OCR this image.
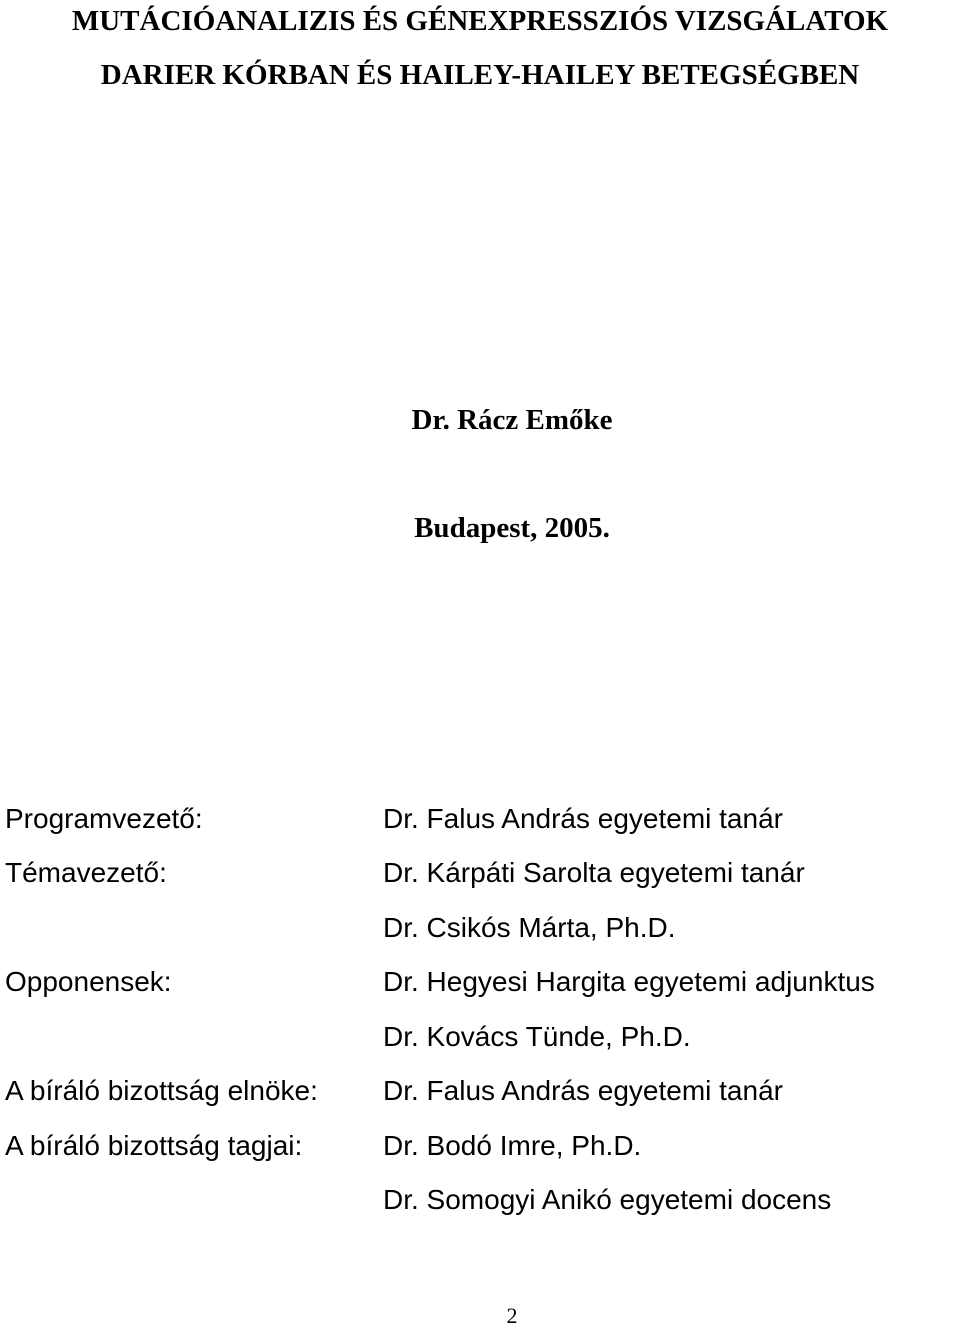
MUTÁCIÓANALIZIS ÉS GÉNEXPRESSZIÓS VIZSGÁLATOK
DARIER KÓRBAN ÉS HAILEY-HAILEY BETEGSÉGBEN
Dr. Rácz Emőke
Budapest, 2005.
Programvezető:	Dr. Falus András egyetemi tanár
Témavezető:	Dr. Kárpáti Sarolta egyetemi tanár
Dr. Csikós Márta, Ph.D.
Opponensek:	Dr. Hegyesi Hargita egyetemi adjunktus
Dr. Kovács Tünde, Ph.D.
A bíráló bizottság elnöke: Dr. Falus András egyetemi tanár
A bíráló bizottság tagjai:	Dr. Bodó Imre, Ph.D.
Dr. Somogyi Anikó egyetemi docens
2
